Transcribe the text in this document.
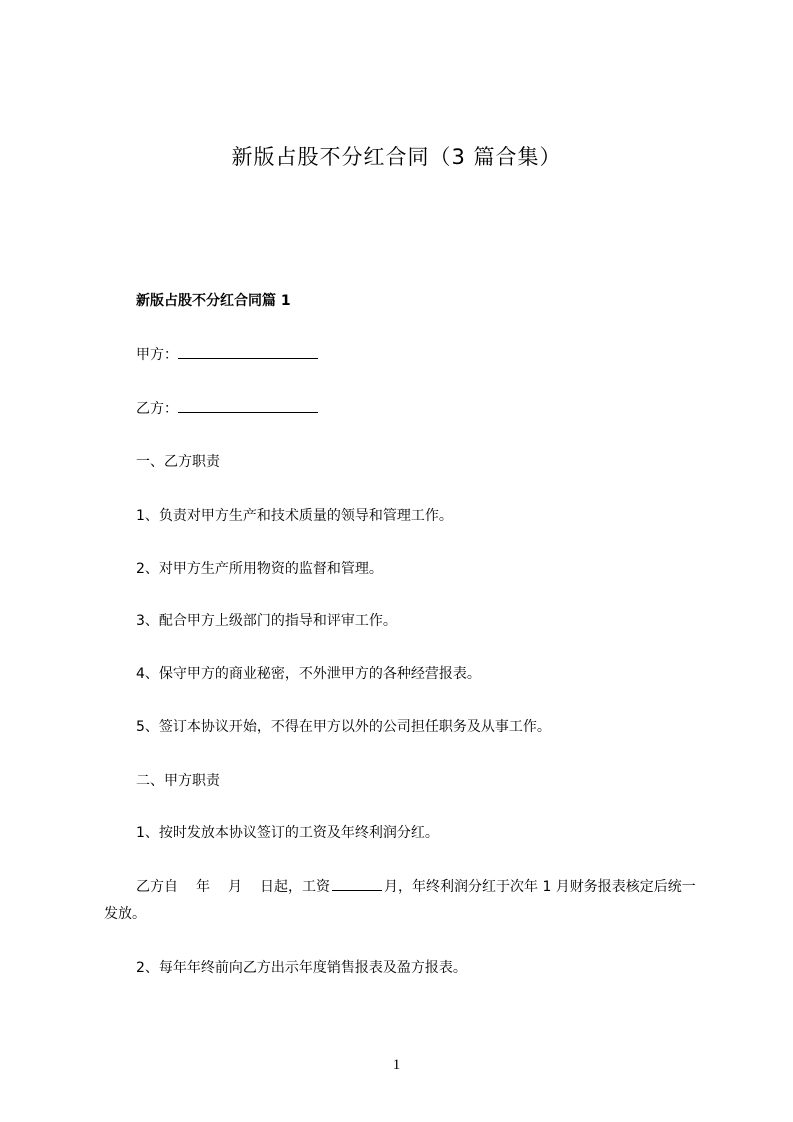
新版占股不分红合同（3 篇合集）
新版占股不分红合同篇 1
甲方：
乙方：
一、乙方职责
1、负责对甲方生产和技术质量的领导和管理工作。
2、对甲方生产所用物资的监督和管理。
3、配合甲方上级部门的指导和评审工作。
4、保守甲方的商业秘密，不外泄甲方的各种经营报表。
5、签订本协议开始，不得在甲方以外的公司担任职务及从事工作。
二、甲方职责
1、按时发放本协议签订的工资及年终利润分红。
乙方自 年 月 日起，工资	月，年终利润分红于次年 1 月财务报表核定后统一发放。
2、每年年终前向乙方出示年度销售报表及盈方报表。
1
